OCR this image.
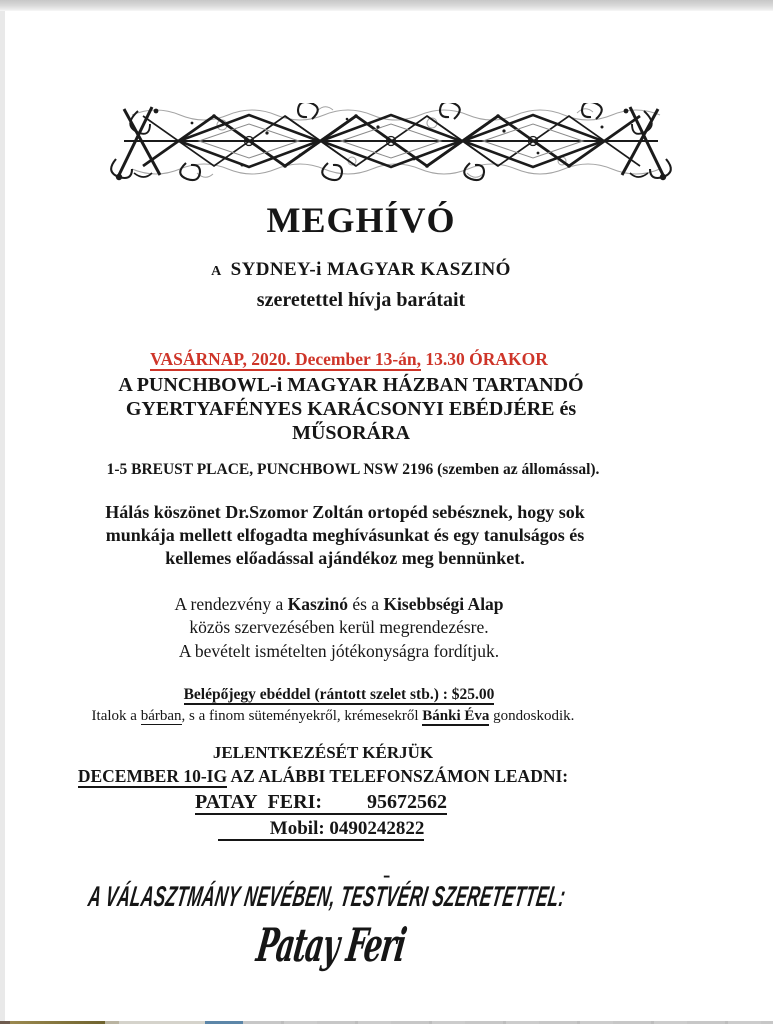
MEGHÍVÓ
A SYDNEY-i MAGYAR KASZINÓ
szeretettel hívja barátait
VASÁRNAP, 2020. December 13-án, 13.30 ÓRAKOR
A PUNCHBOWL-i MAGYAR HÁZBAN TARTANDÓ
GYERTYAFÉNYES KARÁCSONYI EBÉDJÉRE és
MŰSORÁRA
1-5 BREUST PLACE, PUNCHBOWL NSW 2196 (szemben az állomással).
Hálás köszönet Dr.Szomor Zoltán ortopéd sebésznek, hogy sok
munkája mellett elfogadta meghívásunkat és egy tanulságos és
kellemes előadással ajándékoz meg bennünket.
A rendezvény a Kaszinó és a Kisebbségi Alap
közös szervezésében kerül megrendezésre.
A bevételt ismételten jótékonyságra fordítjuk.
Belépőjegy ebéddel (rántott szelet stb.) : $25.00
Italok a bárban, s a finom süteményekről, krémesekről Bánki Éva gondoskodik.
JELENTKEZÉSÉT KÉRJÜK
DECEMBER 10-IG AZ ALÁBBI TELEFONSZÁMON LEADNI:
PATAY  FERI:         95672562
Mobil: 0490242822
-
A VÁLASZTMÁNY NEVÉBEN, TESTVÉRI SZERETETTEL:
Patay Feri
